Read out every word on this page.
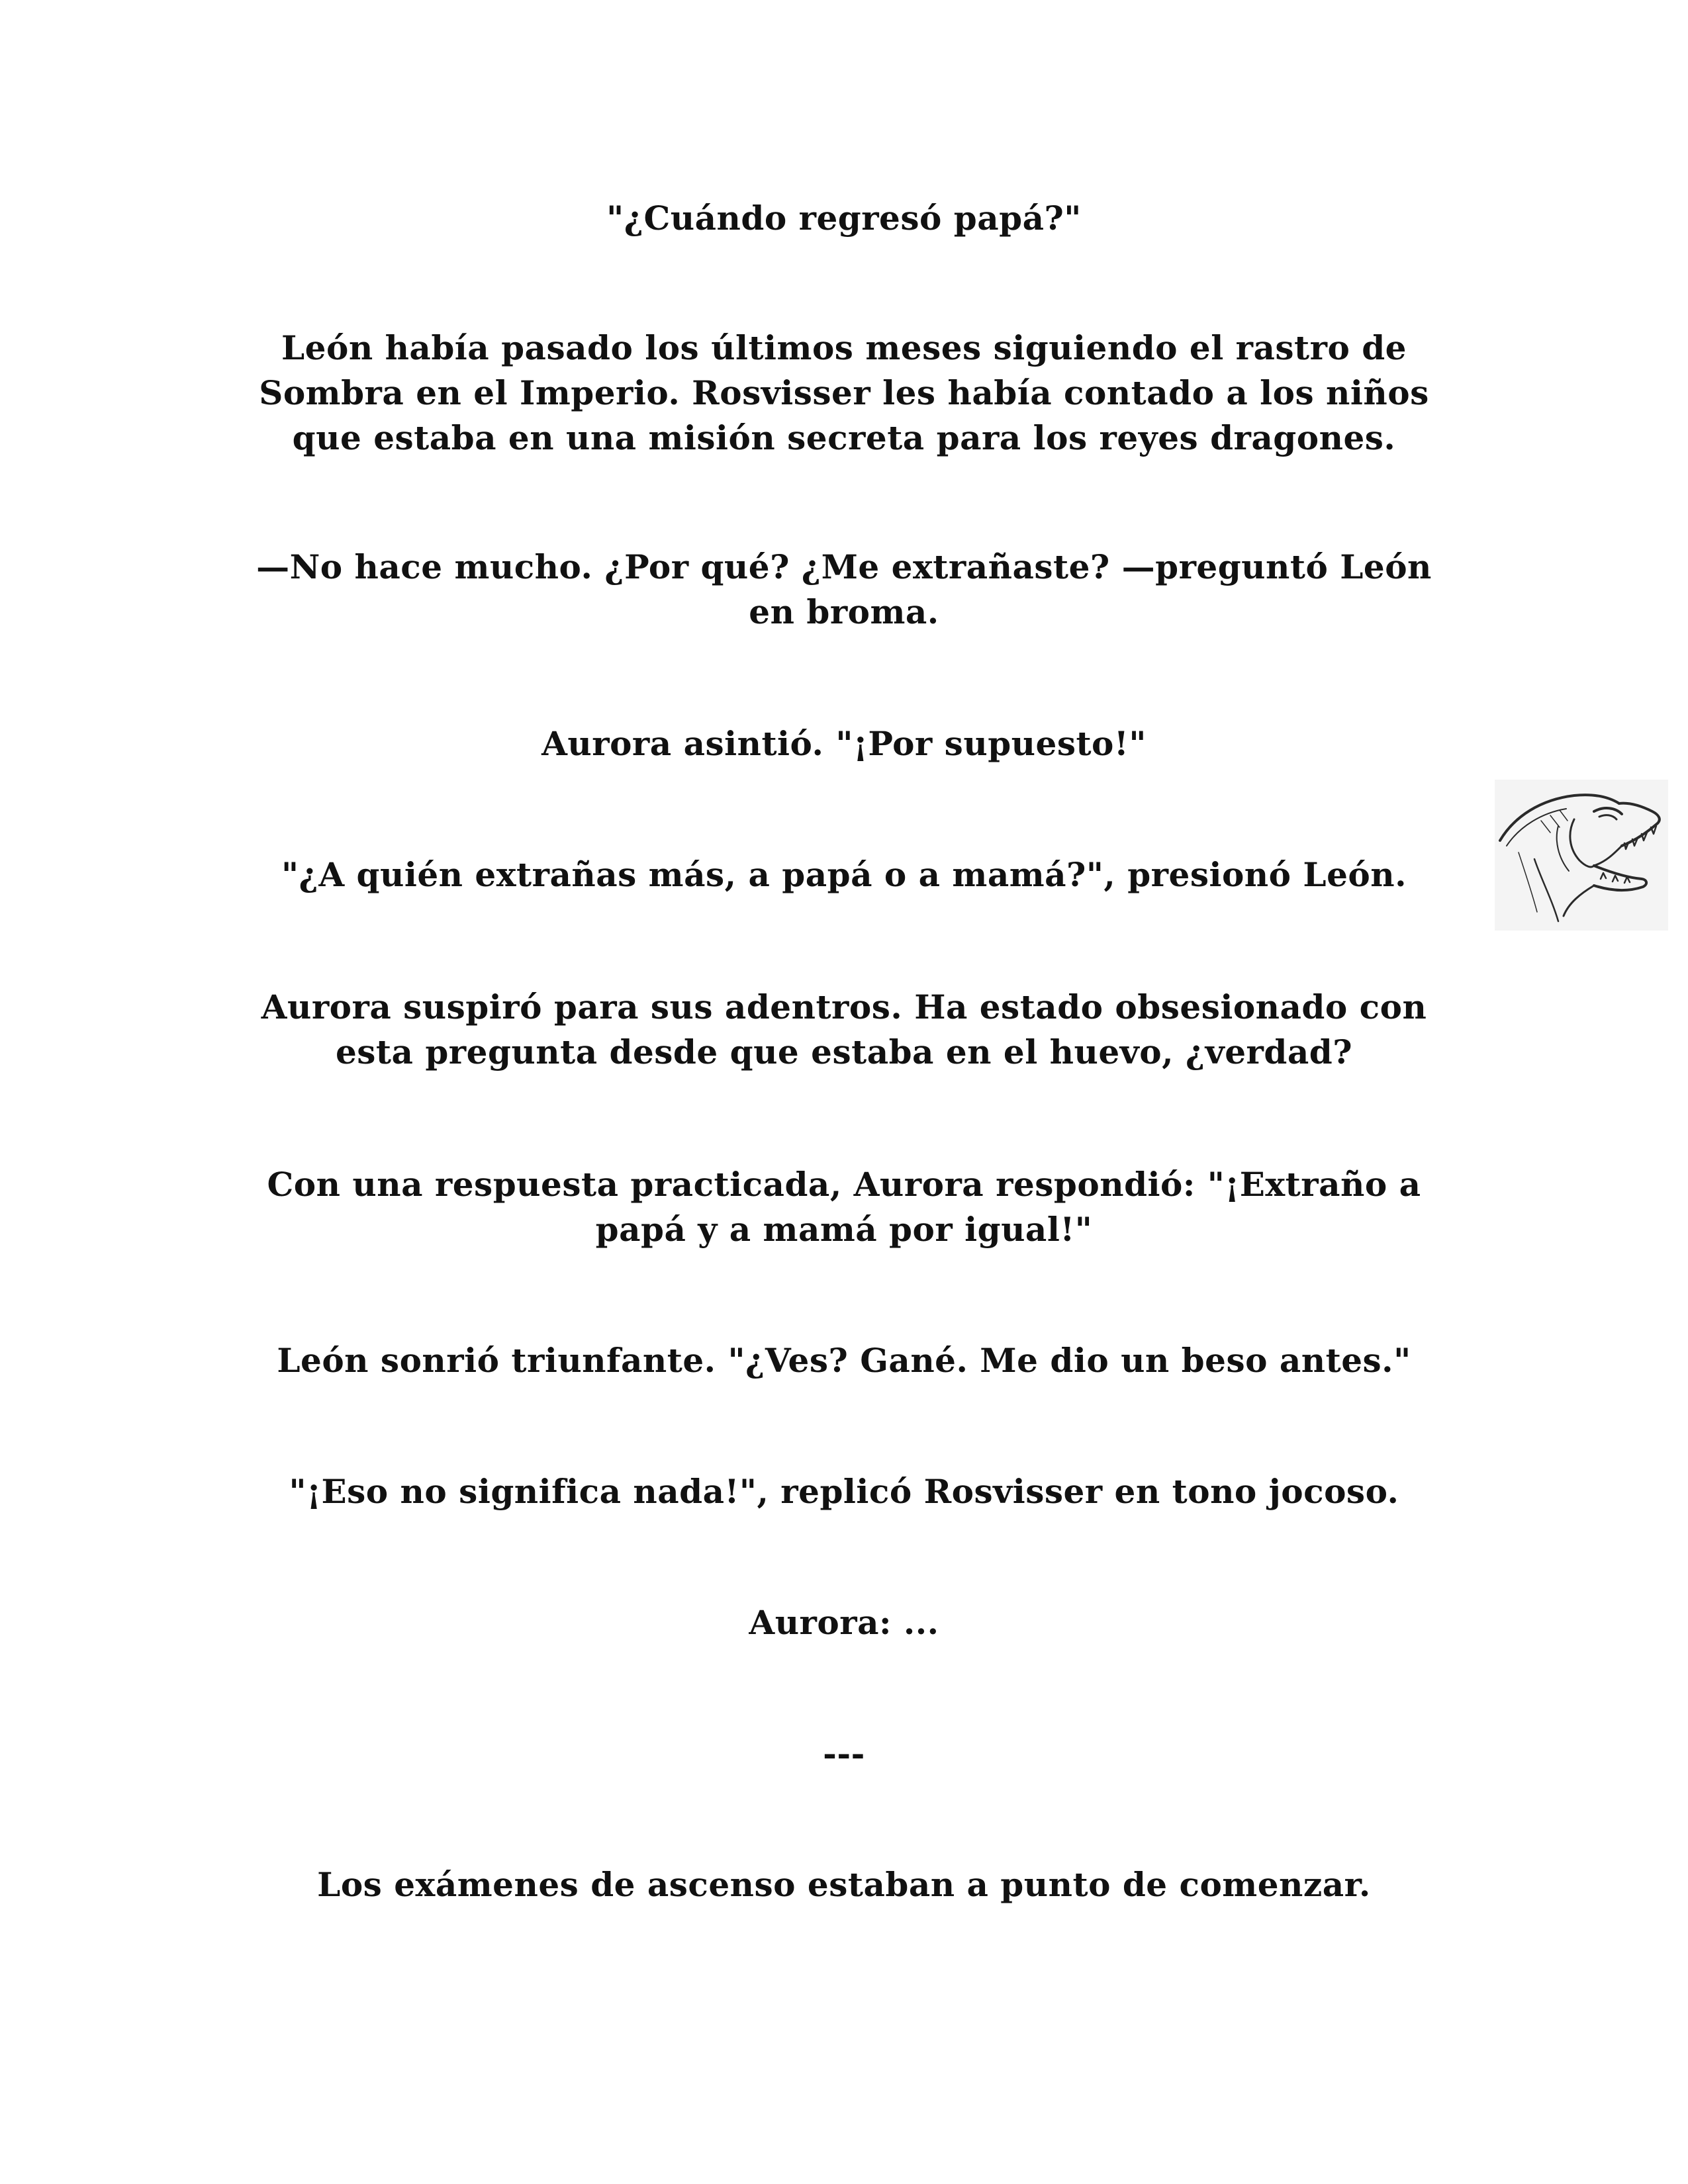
"¿Cuándo regresó papá?"

León había pasado los últimos meses siguiendo el rastro de Sombra en el Imperio. Rosvisser les había contado a los niños que estaba en una misión secreta para los reyes dragones.

—No hace mucho. ¿Por qué? ¿Me extrañaste? —preguntó León en broma.

Aurora asintió. "¡Por supuesto!"

"¿A quién extrañas más, a papá o a mamá?", presionó León.

Aurora suspiró para sus adentros. Ha estado obsesionado con esta pregunta desde que estaba en el huevo, ¿verdad?

Con una respuesta practicada, Aurora respondió: "¡Extraño a papá y a mamá por igual!"

León sonrió triunfante. "¿Ves? Gané. Me dio un beso antes."

"¡Eso no significa nada!", replicó Rosvisser en tono jocoso.

Aurora: ...

---

Los exámenes de ascenso estaban a punto de comenzar.
